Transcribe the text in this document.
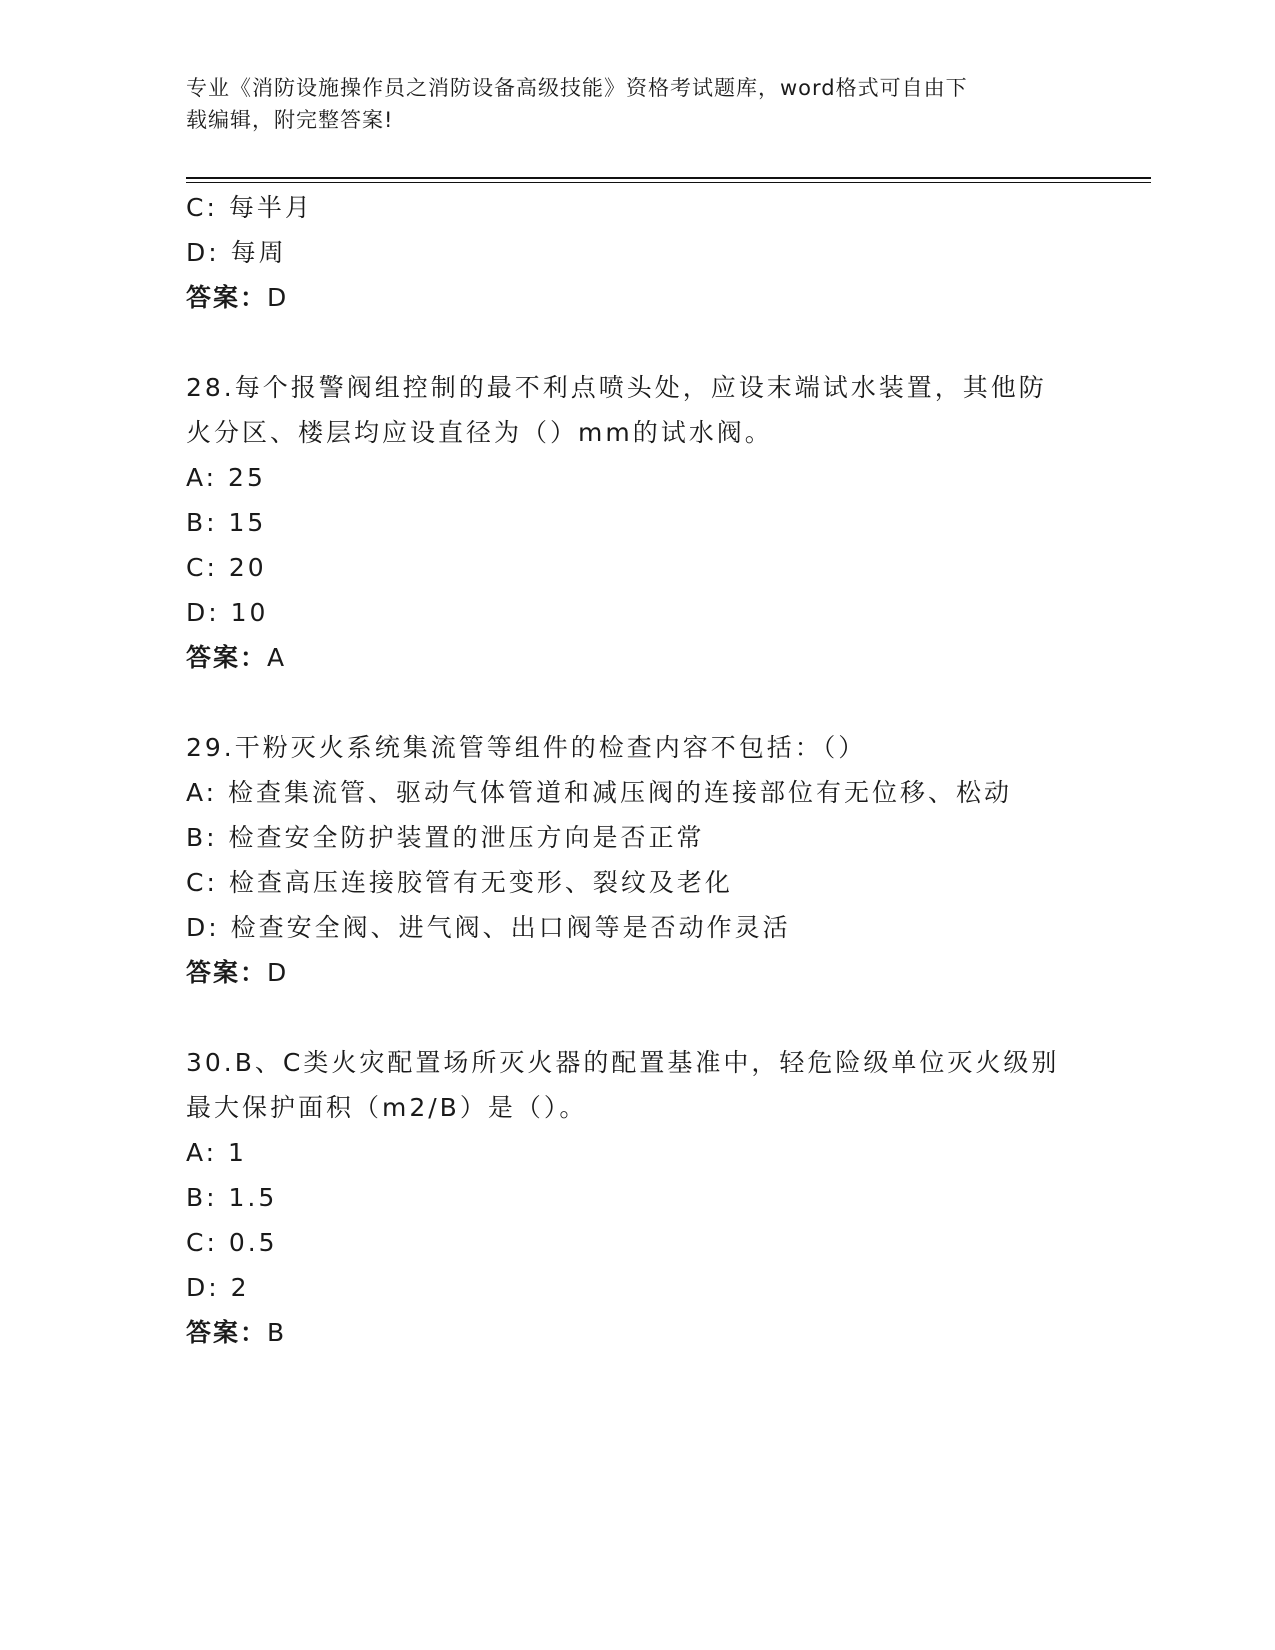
专业《消防设施操作员之消防设备高级技能》资格考试题库，word格式可自由下
载编辑，附完整答案!
C: 每半月
D: 每周
答案：D
28.每个报警阀组控制的最不利点喷头处，应设末端试水装置，其他防
火分区、楼层均应设直径为（）mm的试水阀。
A: 25
B: 15
C: 20
D: 10
答案：A
29.干粉灭火系统集流管等组件的检查内容不包括：（）
A: 检查集流管、驱动气体管道和减压阀的连接部位有无位移、松动
B: 检查安全防护装置的泄压方向是否正常
C: 检查高压连接胶管有无变形、裂纹及老化
D: 检查安全阀、进气阀、出口阀等是否动作灵活
答案：D
30.B、C类火灾配置场所灭火器的配置基准中，轻危险级单位灭火级别
最大保护面积（m2/B）是（）。
A: 1
B: 1.5
C: 0.5
D: 2
答案：B
